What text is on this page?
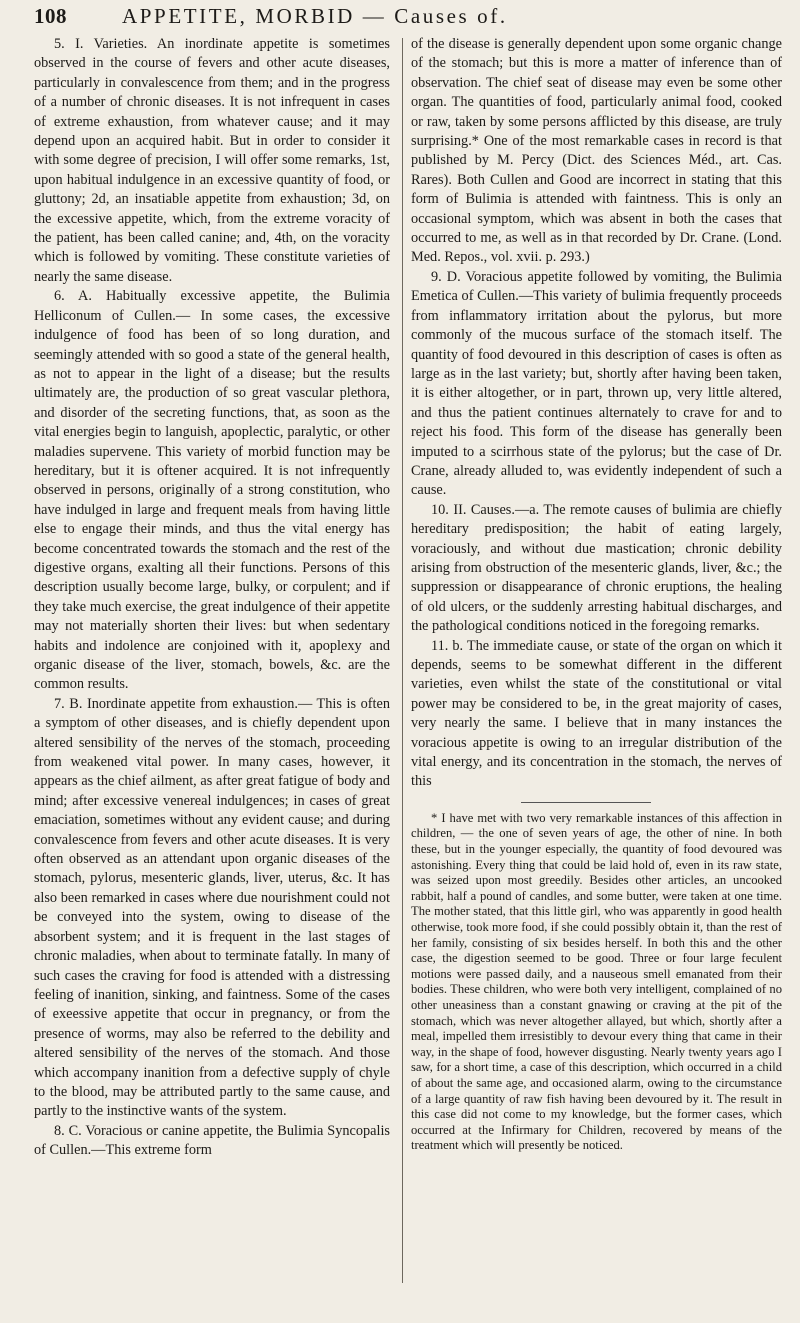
108	APPETITE, MORBID — Causes of.

5. I. Varieties. An inordinate appetite is sometimes observed in the course of fevers and other acute diseases, particularly in convalescence from them; and in the progress of a number of chronic diseases. It is not infrequent in cases of extreme exhaustion, from whatever cause; and it may depend upon an acquired habit. But in order to consider it with some degree of precision, I will offer some remarks, 1st, upon habitual indulgence in an excessive quantity of food, or gluttony; 2d, an insatiable appetite from exhaustion; 3d, on the excessive appetite, which, from the extreme voracity of the patient, has been called canine; and, 4th, on the voracity which is followed by vomiting. These constitute varieties of nearly the same disease.

6. A. Habitually excessive appetite, the Bulimia Helliconum of Cullen.— In some cases, the excessive indulgence of food has been of so long duration, and seemingly attended with so good a state of the general health, as not to appear in the light of a disease; but the results ultimately are, the production of so great vascular plethora, and disorder of the secreting functions, that, as soon as the vital energies begin to languish, apoplectic, paralytic, or other maladies supervene. This variety of morbid function may be hereditary, but it is oftener acquired. It is not infrequently observed in persons, originally of a strong constitution, who have indulged in large and frequent meals from having little else to engage their minds, and thus the vital energy has become concentrated towards the stomach and the rest of the digestive organs, exalting all their functions. Persons of this description usually become large, bulky, or corpulent; and if they take much exercise, the great indulgence of their appetite may not materially shorten their lives: but when sedentary habits and indolence are conjoined with it, apoplexy and organic disease of the liver, stomach, bowels, &c. are the common results.

7. B. Inordinate appetite from exhaustion.— This is often a symptom of other diseases, and is chiefly dependent upon altered sensibility of the nerves of the stomach, proceeding from weakened vital power. In many cases, however, it appears as the chief ailment, as after great fatigue of body and mind; after excessive venereal indulgences; in cases of great emaciation, sometimes without any evident cause; and during convalescence from fevers and other acute diseases. It is very often observed as an attendant upon organic diseases of the stomach, pylorus, mesenteric glands, liver, uterus, &c. It has also been remarked in cases where due nourishment could not be conveyed into the system, owing to disease of the absorbent system; and it is frequent in the last stages of chronic maladies, when about to terminate fatally. In many of such cases the craving for food is attended with a distressing feeling of inanition, sinking, and faintness. Some of the cases of exeessive appetite that occur in pregnancy, or from the presence of worms, may also be referred to the debility and altered sensibility of the nerves of the stomach. And those which accompany inanition from a defective supply of chyle to the blood, may be attributed partly to the same cause, and partly to the instinctive wants of the system.

8. C. Voracious or canine appetite, the Bulimia Syncopalis of Cullen.—This extreme form

of the disease is generally dependent upon some organic change of the stomach; but this is more a matter of inference than of observation. The chief seat of disease may even be some other organ. The quantities of food, particularly animal food, cooked or raw, taken by some persons afflicted by this disease, are truly surprising.* One of the most remarkable cases in record is that published by M. Percy (Dict. des Sciences Méd., art. Cas. Rares). Both Cullen and Good are incorrect in stating that this form of Bulimia is attended with faintness. This is only an occasional symptom, which was absent in both the cases that occurred to me, as well as in that recorded by Dr. Crane. (Lond. Med. Repos., vol. xvii. p. 293.)

9. D. Voracious appetite followed by vomiting, the Bulimia Emetica of Cullen.—This variety of bulimia frequently proceeds from inflammatory irritation about the pylorus, but more commonly of the mucous surface of the stomach itself. The quantity of food devoured in this description of cases is often as large as in the last variety; but, shortly after having been taken, it is either altogether, or in part, thrown up, very little altered, and thus the patient continues alternately to crave for and to reject his food. This form of the disease has generally been imputed to a scirrhous state of the pylorus; but the case of Dr. Crane, already alluded to, was evidently independent of such a cause.

10. II. Causes.—a. The remote causes of bulimia are chiefly hereditary predisposition; the habit of eating largely, voraciously, and without due mastication; chronic debility arising from obstruction of the mesenteric glands, liver, &c.; the suppression or disappearance of chronic eruptions, the healing of old ulcers, or the suddenly arresting habitual discharges, and the pathological conditions noticed in the foregoing remarks.

11. b. The immediate cause, or state of the organ on which it depends, seems to be somewhat different in the different varieties, even whilst the state of the constitutional or vital power may be considered to be, in the great majority of cases, very nearly the same. I believe that in many instances the voracious appetite is owing to an irregular distribution of the vital energy, and its concentration in the stomach, the nerves of this

* I have met with two very remarkable instances of this affection in children, — the one of seven years of age, the other of nine. In both these, but in the younger especially, the quantity of food devoured was astonishing. Every thing that could be laid hold of, even in its raw state, was seized upon most greedily. Besides other articles, an uncooked rabbit, half a pound of candles, and some butter, were taken at one time. The mother stated, that this little girl, who was apparently in good health otherwise, took more food, if she could possibly obtain it, than the rest of her family, consisting of six besides herself. In both this and the other case, the digestion seemed to be good. Three or four large feculent motions were passed daily, and a nauseous smell emanated from their bodies. These children, who were both very intelligent, complained of no other uneasiness than a constant gnawing or craving at the pit of the stomach, which was never altogether allayed, but which, shortly after a meal, impelled them irresistibly to devour every thing that came in their way, in the shape of food, however disgusting. Nearly twenty years ago I saw, for a short time, a case of this description, which occurred in a child of about the same age, and occasioned alarm, owing to the circumstance of a large quantity of raw fish having been devoured by it. The result in this case did not come to my knowledge, but the former cases, which occurred at the Infirmary for Children, recovered by means of the treatment which will presently be noticed.
